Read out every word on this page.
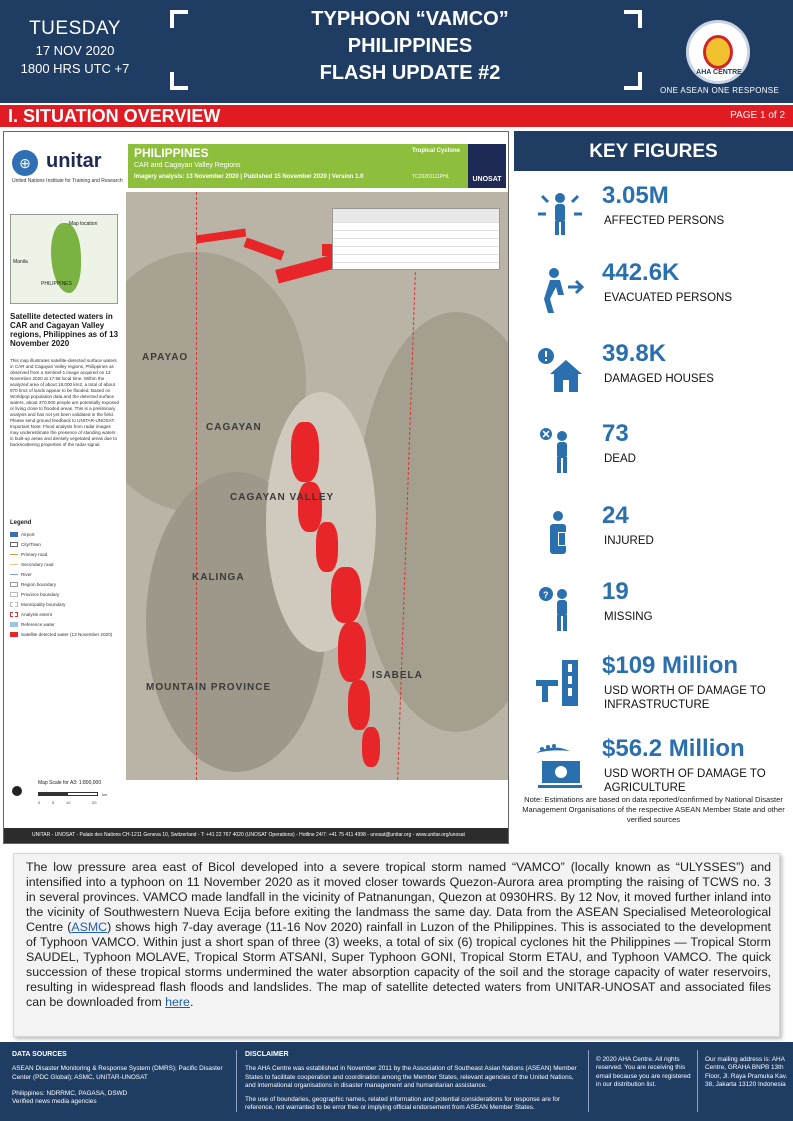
TUESDAY
17 NOV 2020
1800 HRS UTC +7
TYPHOON “VAMCO”
PHILIPPINES
FLASH UPDATE #2	AHA CENTRE
ONE ASEAN ONE RESPONSE
I. SITUATION OVERVIEW	PAGE 1 of 2
⊕ unitar
United Nations Institute for Training and Research
PHILIPPINES
CAR and Cagayan Valley Regions
Imagery analysis: 13 November 2020 | Published 15 November 2020 | Version 1.0
Tropical Cyclone
TC20201111PHL	UNOSAT
Map location
Manila
PHILIPPINES
Satellite detected waters in CAR and Cagayan Valley regions, Philippines as of 13 November 2020
This map illustrates satellite-detected surface waters in CAR and Cagayan Valley regions, Philippines as observed from a Sentinel-1 image acquired on 13 November 2020 at 17:58 local time. Within the analyzed area of about 18,000 km2, a total of about 970 km2 of lands appear to be flooded. Based on Worldpop population data and the detected surface waters, about 370,000 people are potentially exposed or living close to flooded areas. This is a preliminary analysis and has not yet been validated in the field. Please send ground feedback to UNITAR-UNOSAT. Important Note: Flood analysis from radar images may underestimate the presence of standing waters in built-up areas and densely vegetated areas due to backscattering properties of the radar signal.
Legend
Airport
City/Town
Primary road
Secondary road
River
Region boundary
Province boundary
Municipality boundary
Analysis extent
Reference water
Satellite detected water (13 November 2020)
APAYAO
CAGAYAN
CAGAYAN VALLEY
KALINGA
MOUNTAIN PROVINCE
ISABELA
Map Scale for A3: 1:800,000
0	5	10	20
km
UNITAR - UNOSAT - Palais des Nations CH-1211 Geneva 10, Switzerland - T: +41 22 767 4020 (UNOSAT Operations) - Hotline 24/7: +41 75 411 4998 - unosat@unitar.org - www.unitar.org/unosat
KEY FIGURES
3.05M
AFFECTED PERSONS
442.6K
EVACUATED PERSONS
39.8K
DAMAGED HOUSES
73
DEAD
24
INJURED
? 19
MISSING
$109 Million
USD WORTH OF DAMAGE TO INFRASTRUCTURE
$56.2 Million
USD WORTH OF DAMAGE TO AGRICULTURE
Note: Estimations are based on data reported/confirmed by National Disaster Management Organisations of the respective ASEAN Member State and other verified sources
The low pressure area east of Bicol developed into a severe tropical storm named “VAMCO” (locally known as “ULYSSES”) and intensified into a typhoon on 11 November 2020 as it moved closer towards Quezon-Aurora area prompting the raising of TCWS no. 3 in several provinces. VAMCO made landfall in the vicinity of Patnanungan, Quezon at 0930HRS. By 12 Nov, it moved further inland into the vicinity of Southwestern Nueva Ecija before exiting the landmass the same day. Data from the ASEAN Specialised Meteorological Centre (ASMC) shows high 7-day average (11-16 Nov 2020) rainfall in Luzon of the Philippines. This is associated to the development of Typhoon VAMCO. Within just a short span of three (3) weeks, a total of six (6) tropical cyclones hit the Philippines — Tropical Storm SAUDEL, Typhoon MOLAVE, Tropical Storm ATSANI, Super Typhoon GONI, Tropical Storm ETAU, and Typhoon VAMCO. The quick succession of these tropical storms undermined the water absorption capacity of the soil and the storage capacity of water reservoirs, resulting in widespread flash floods and landslides. The map of satellite detected waters from UNITAR-UNOSAT and associated files can be downloaded from here.
DATA SOURCES
ASEAN Disaster Monitoring & Response System (DMRS); Pacific Disaster Center (PDC Global); ASMC, UNITAR-UNOSAT
Philippines: NDRRMC, PAGASA, DSWD
Verified news media agencies
DISCLAIMER
The AHA Centre was established in November 2011 by the Association of Southeast Asian Nations (ASEAN) Member States to facilitate cooperation and coordination among the Member States, relevant agencies of the United Nations, and international organisations in disaster management and humanitarian assistance.
The use of boundaries, geographic names, related information and potential considerations for response are for reference, not warranted to be error free or implying official endorsement from ASEAN Member States.
© 2020 AHA Centre. All rights reserved. You are receiving this email because you are registered in our distribution list.
Our mailing address is: AHA Centre, GRAHA BNPB 13th Floor, Jl. Raya Pramuka Kav. 38, Jakarta 13120 Indonesia
